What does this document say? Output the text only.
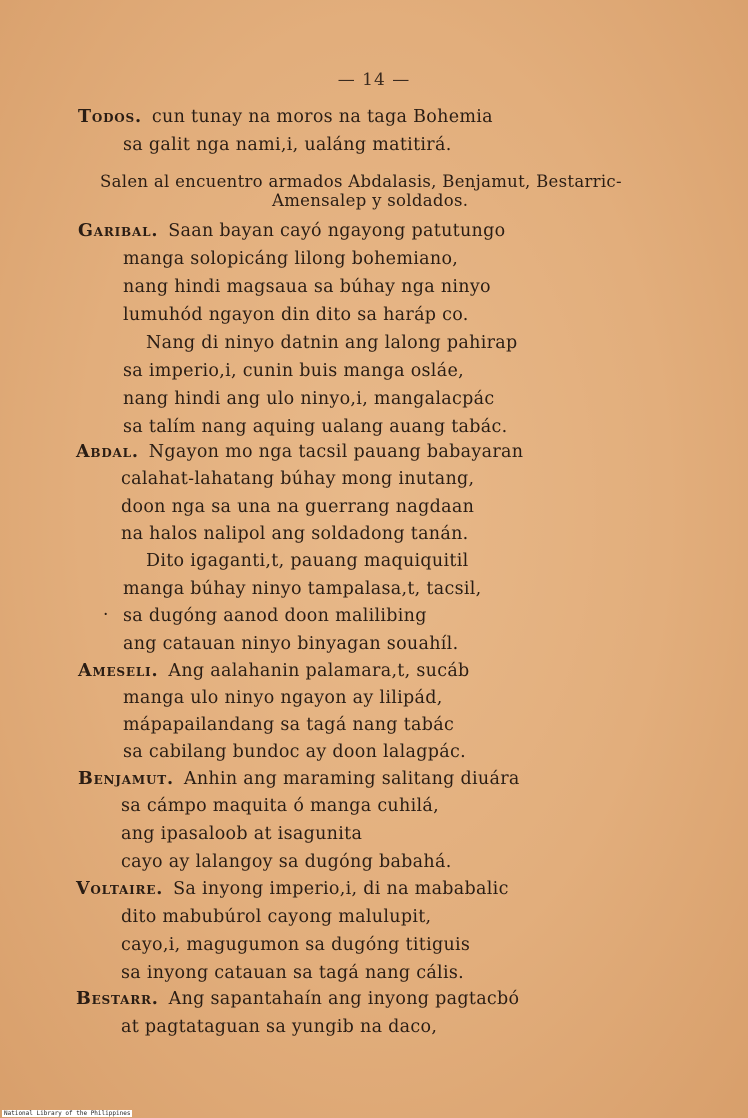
— 14 —
Todos. cun tunay na moros na taga Bohemia
sa galit nga nami,i, ualáng matitirá.
Salen al encuentro armados Abdalasis, Benjamut, Bestarric-
Amensalep y soldados.
Garibal. Saan bayan cayó ngayong patutungo
manga solopicáng lilong bohemiano,
nang hindi magsaua sa búhay nga ninyo
lumuhód ngayon din dito sa haráp co.
Nang di ninyo datnin ang lalong pahirap
sa imperio,i, cunin buis manga osláe,
nang hindi ang ulo ninyo,i, mangalacpác
sa talím nang aquing ualang auang tabác.
Abdal. Ngayon mo nga tacsil pauang babayaran
calahat-lahatang búhay mong inutang,
doon nga sa una na guerrang nagdaan
na halos nalipol ang soldadong tanán.
Dito igaganti,t, pauang maquiquitil
manga búhay ninyo tampalasa,t, tacsil,
· sa dugóng aanod doon malilibing
ang catauan ninyo binyagan souahíl.
Ameseli. Ang aalahanin palamara,t, sucáb
manga ulo ninyo ngayon ay lilipád,
mápapailandang sa tagá nang tabác
sa cabilang bundoc ay doon lalagpác.
Benjamut. Anhin ang maraming salitang diuára
sa cámpo maquita ó manga cuhilá,
ang ipasaloob at isagunita
cayo ay lalangoy sa dugóng babahá.
Voltaire. Sa inyong imperio,i, di na mababalic
dito mabubúrol cayong malulupit,
cayo,i, magugumon sa dugóng titiguis
sa inyong catauan sa tagá nang cális.
Bestarr. Ang sapantahaín ang inyong pagtacbó
at pagtataguan sa yungib na daco,
National Library of the Philippines
